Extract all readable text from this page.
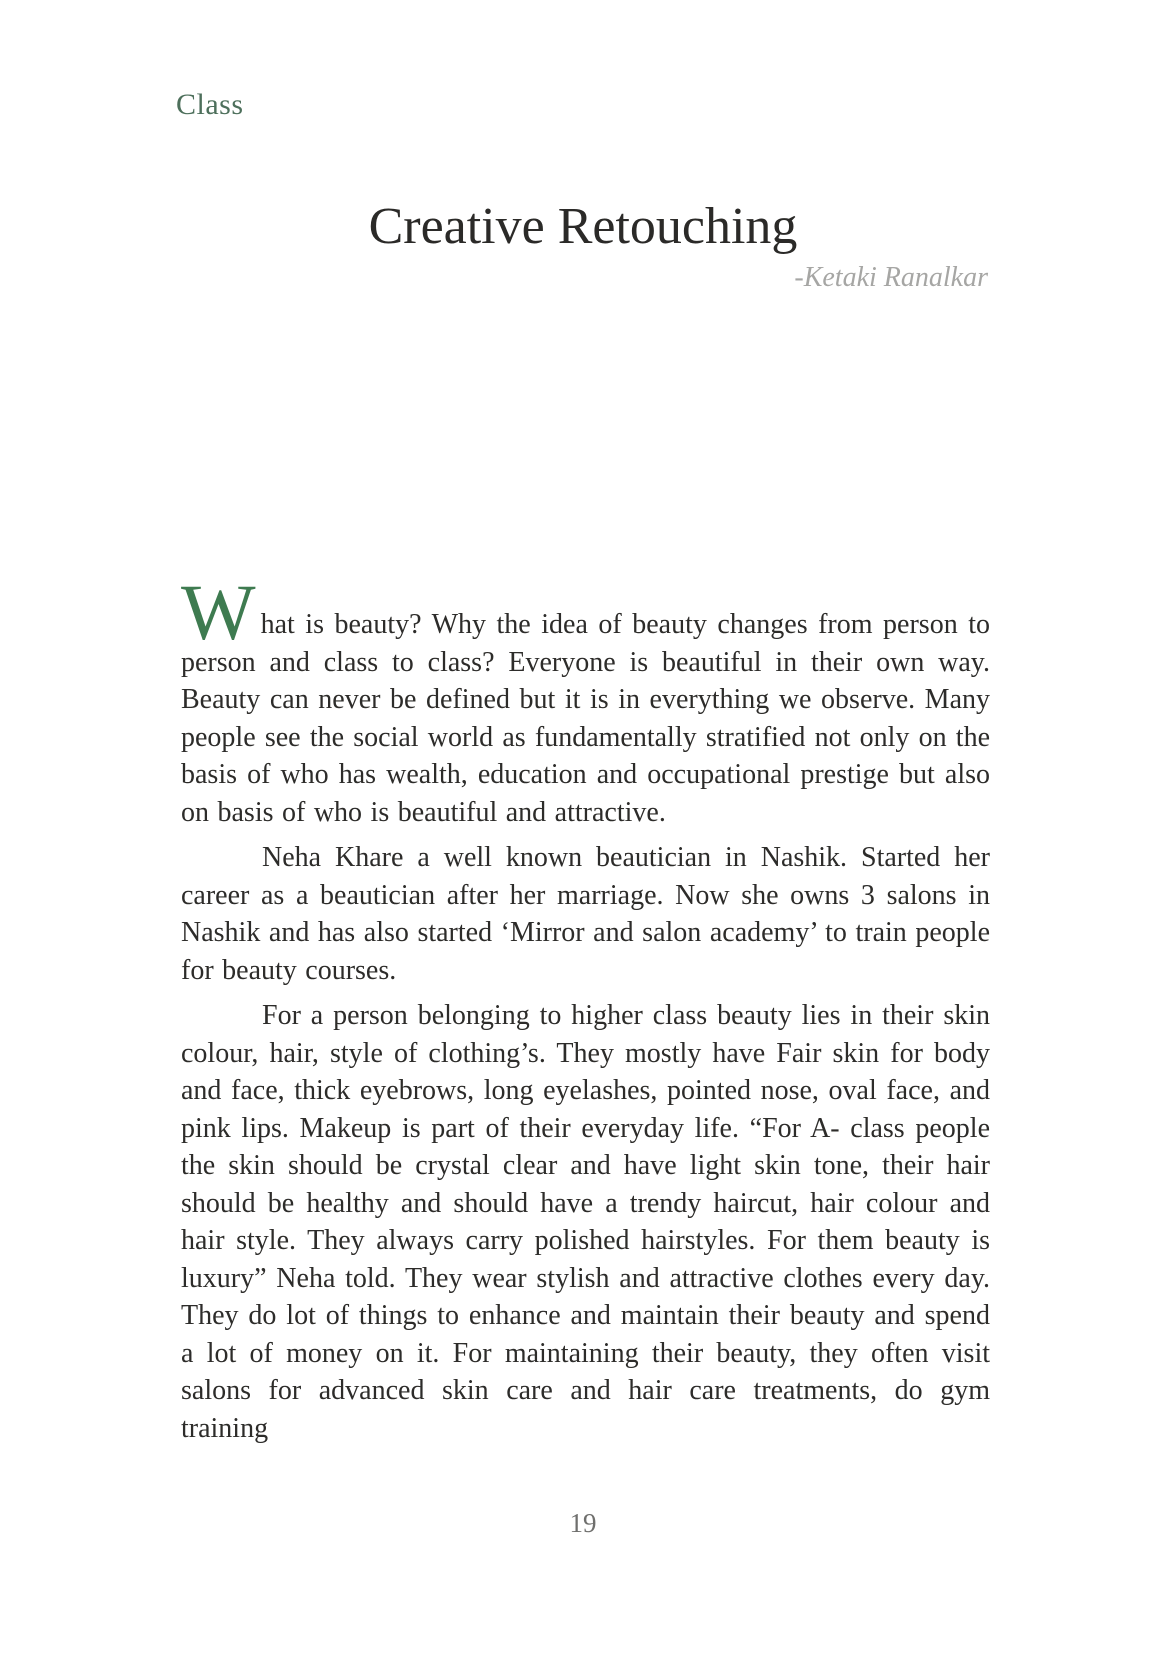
Class
Creative Retouching
-Ketaki Ranalkar

What is beauty? Why the idea of beauty changes from person to person and class to class? Everyone is beautiful in their own way. Beauty can never be defined but it is in everything we observe. Many people see the social world as fundamentally stratified not only on the basis of who has wealth, education and occupational prestige but also on basis of who is beautiful and attractive.

Neha Khare a well known beautician in Nashik. Started her career as a beautician after her marriage. Now she owns 3 salons in Nashik and has also started ‘Mirror and salon academy’ to train people for beauty courses.

For a person belonging to higher class beauty lies in their skin colour, hair, style of clothing’s. They mostly have Fair skin for body and face, thick eyebrows, long eyelashes, pointed nose, oval face, and pink lips. Makeup is part of their everyday life. “For A- class people the skin should be crystal clear and have light skin tone, their hair should be healthy and should have a trendy haircut, hair colour and hair style. They always carry polished hairstyles. For them beauty is luxury” Neha told. They wear stylish and attractive clothes every day. They do lot of things to enhance and maintain their beauty and spend a lot of money on it. For maintaining their beauty, they often visit salons for advanced skin care and hair care treatments, do gym training

19
